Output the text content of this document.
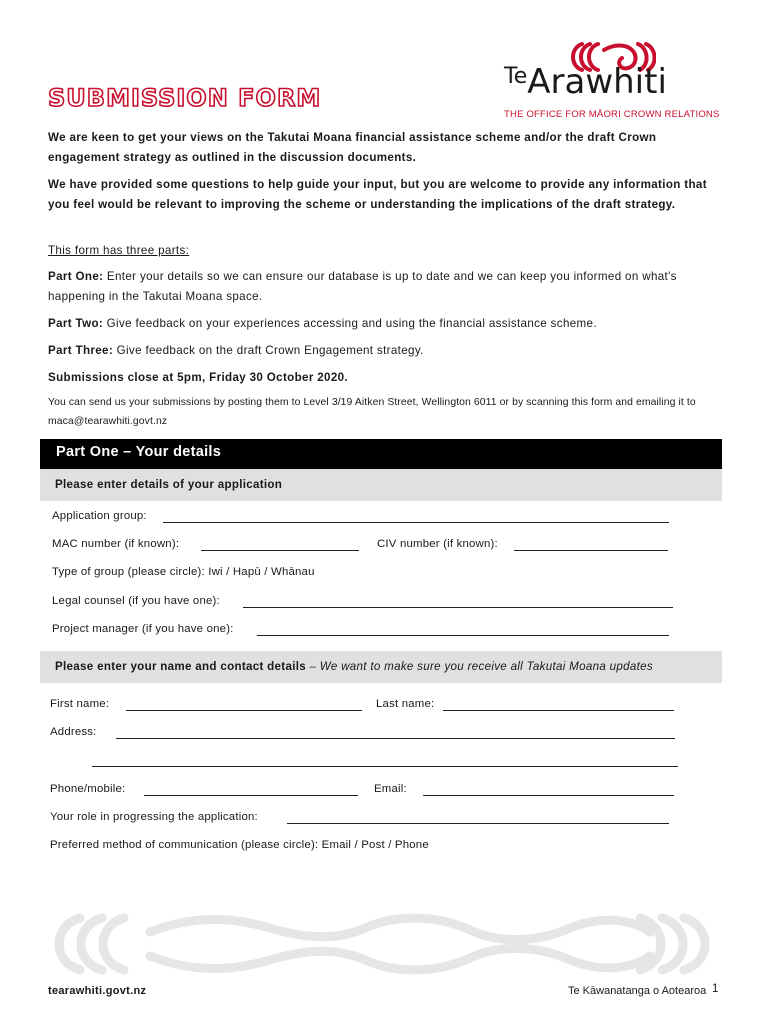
SUBMISSION FORM
$^{Te}$Arawhiti
THE OFFICE FOR MĀORI CROWN RELATIONS

We are keen to get your views on the Takutai Moana financial assistance scheme and/or the draft Crown engagement strategy as outlined in the discussion documents.

We have provided some questions to help guide your input, but you are welcome to provide any information that you feel would be relevant to improving the scheme or understanding the implications of the draft strategy.

This form has three parts:

Part One: Enter your details so we can ensure our database is up to date and we can keep you informed on what's happening in the Takutai Moana space.

Part Two: Give feedback on your experiences accessing and using the financial assistance scheme.

Part Three: Give feedback on the draft Crown Engagement strategy.

Submissions close at 5pm, Friday 30 October 2020.

You can send us your submissions by posting them to Level 3/19 Aitken Street, Wellington 6011 or by scanning this form and emailing it to maca@tearawhiti.govt.nz

Part One – Your details
Please enter details of your application
Application group:
MAC number (if known):	CIV number (if known):
Type of group (please circle): Iwi / Hapū / Whānau
Legal counsel (if you have one):
Project manager (if you have one):
Please enter your name and contact details – We want to make sure you receive all Takutai Moana updates
First name:	Last name:
Address:
Phone/mobile:	Email:
Your role in progressing the application:
Preferred method of communication (please circle): Email / Post / Phone
tearawhiti.govt.nz	Te Kāwanatanga o Aotearoa 1
